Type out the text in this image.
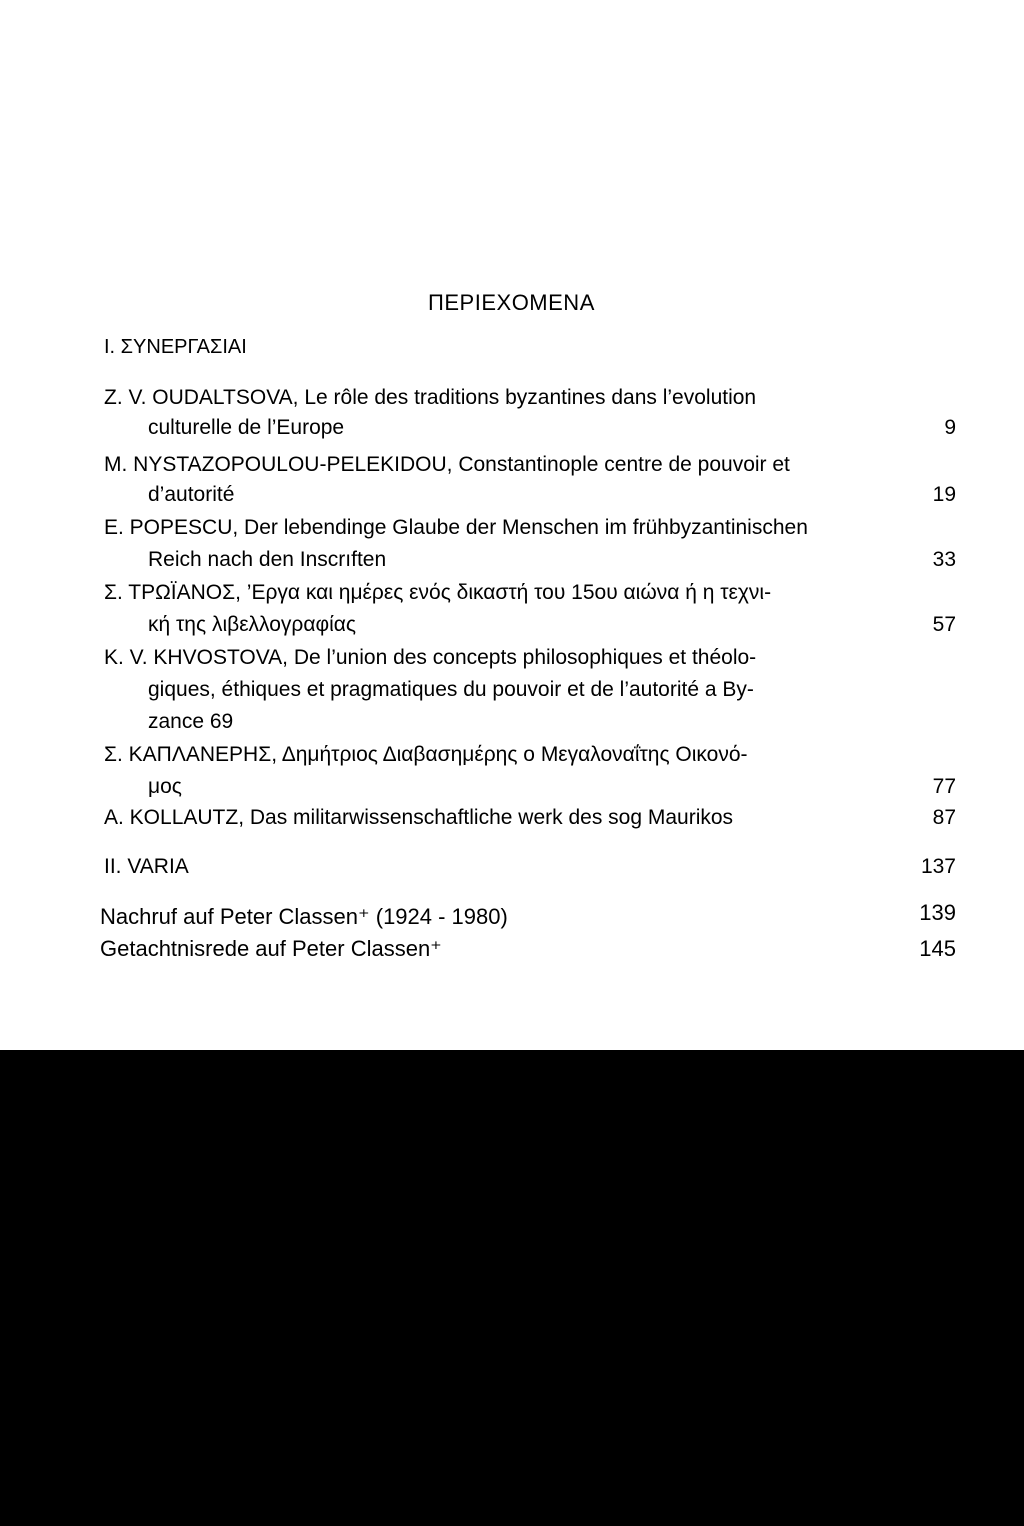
ΠΕΡΙΕΧΟΜΕΝΑ
I. ΣΥΝΕΡΓΑΣΙΑΙ
Z. V. OUDALTSOVA, Le rôle des traditions byzantines dans l’evolution
culturelle de l’Europe	9
M. NYSTAZOPOULOU-PELEKIDOU, Constantinople centre de pouvoir et
d’autorité	19
E. POPESCU, Der lebendinge Glaube der Menschen im frühbyzantinischen
Reich nach den Inscrıften	33
Σ. ΤΡΩΪΑΝΟΣ, ’Εργα και ημέρες ενός δικαστή του 15ου αιώνα ή η τεχνι-
κή της λιβελλογραφίας	57
K. V. KHVOSTOVA, De l’union des concepts philosophiques et théolo-
giques, éthiques et pragmatiques du pouvoir et de l’autorité a By-
zance 69
Σ. ΚΑΠΛΑΝΕΡΗΣ, Δημήτριος Διαβασημέρης ο Μεγαλοναΐτης Οικονό-
μος	77
A. KOLLAUTZ, Das militarwissenschaftliche werk des sog Maurikos	87
II. VARIA	137
Nachruf auf Peter Classen⁺ (1924 - 1980)	139
Getachtnisrede auf Peter Classen⁺	145
